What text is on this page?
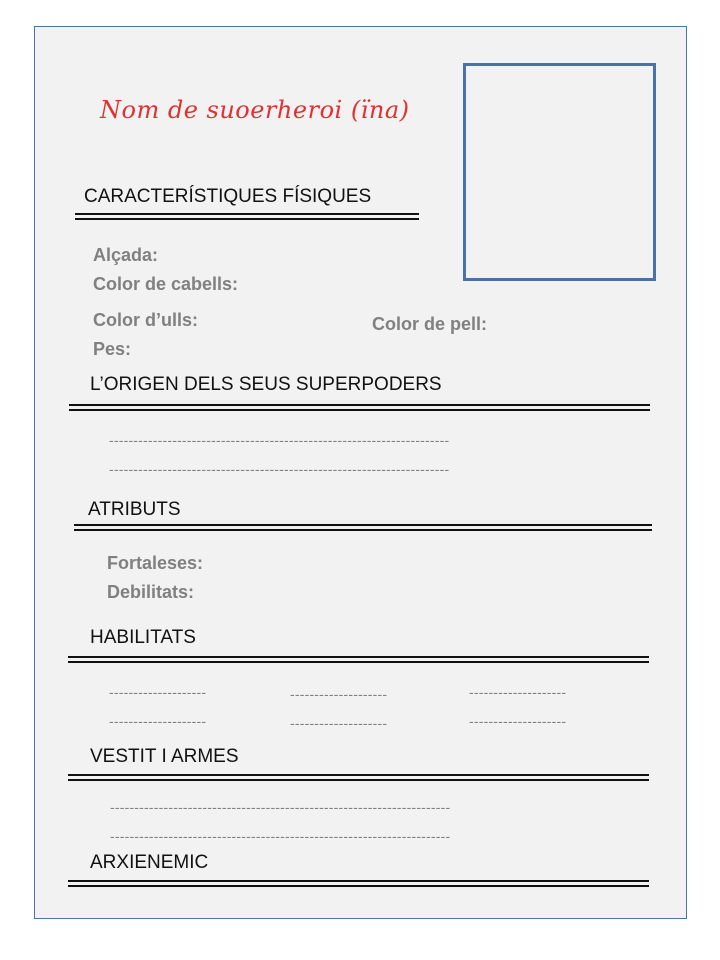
Nom de suoerheroi (ïna)
CARACTERÍSTIQUES FÍSIQUES
Alçada:
Color de cabells:
Color d’ulls:
Pes:
Color de pell:
L’ORIGEN DELS SEUS SUPERPODERS
----------------------------------------------------------------------
----------------------------------------------------------------------
ATRIBUTS
Fortaleses:
Debilitats:
HABILITATS
--------------------	--------------------	--------------------
--------------------	--------------------	--------------------
VESTIT I ARMES
----------------------------------------------------------------------
----------------------------------------------------------------------
ARXIENEMIC
